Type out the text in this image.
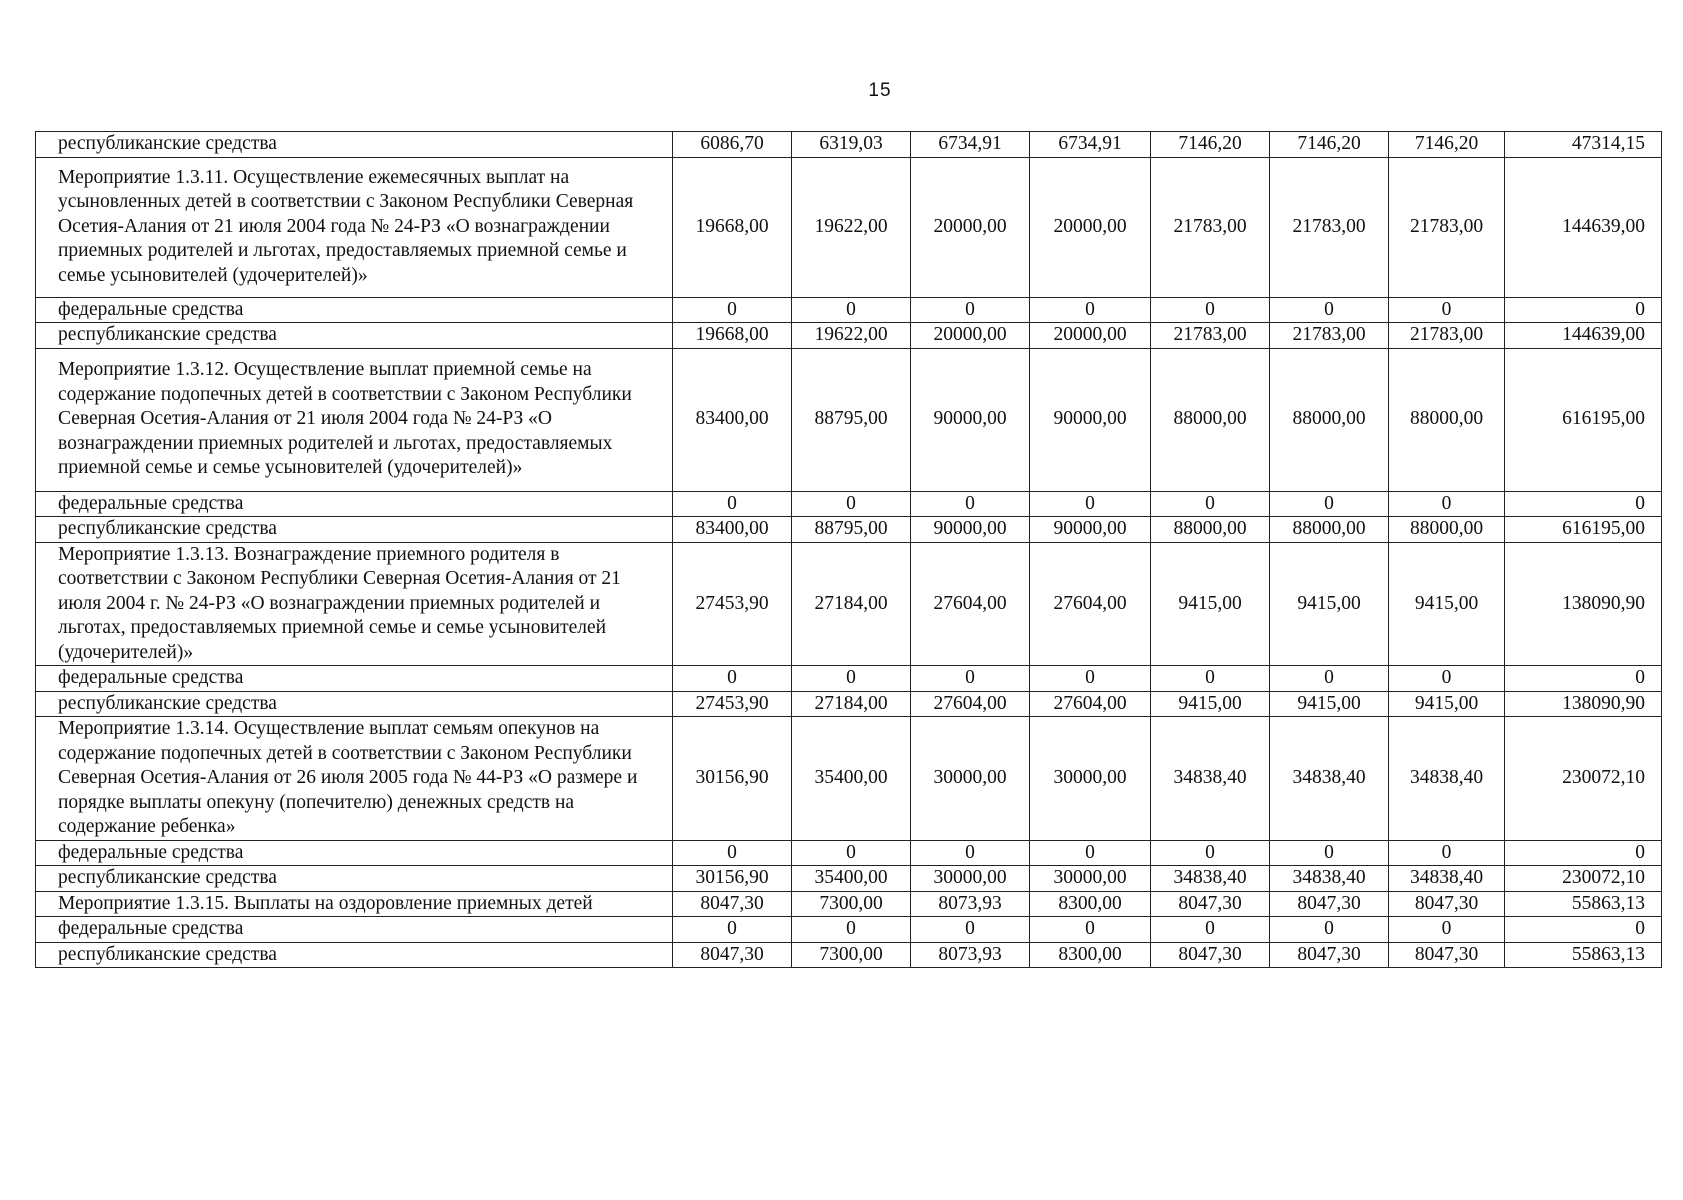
15
республиканские средства	6086,70	6319,03	6734,91	6734,91	7146,20	7146,20	7146,20	47314,15
Мероприятие 1.3.11. Осуществление ежемесячных выплат на усыновленных детей в соответствии с Законом Республики Северная Осетия-Алания от 21 июля 2004 года № 24-РЗ «О вознаграждении приемных родителей и льготах, предоставляемых приемной семье и семье усыновителей (удочерителей)»	19668,00	19622,00	20000,00	20000,00	21783,00	21783,00	21783,00	144639,00
федеральные средства	0	0	0	0	0	0	0	0
республиканские средства	19668,00	19622,00	20000,00	20000,00	21783,00	21783,00	21783,00	144639,00
Мероприятие 1.3.12. Осуществление выплат приемной семье на содержание подопечных детей в соответствии с Законом Республики Северная Осетия-Алания от 21 июля 2004 года № 24-РЗ «О вознаграждении приемных родителей и льготах, предоставляемых приемной семье и семье усыновителей (удочерителей)»	83400,00	88795,00	90000,00	90000,00	88000,00	88000,00	88000,00	616195,00
федеральные средства	0	0	0	0	0	0	0	0
республиканские средства	83400,00	88795,00	90000,00	90000,00	88000,00	88000,00	88000,00	616195,00
Мероприятие 1.3.13. Вознаграждение приемного родителя в соответствии с Законом Республики Северная Осетия-Алания от 21 июля 2004 г. № 24-РЗ «О вознаграждении приемных родителей и льготах, предоставляемых приемной семье и семье усыновителей (удочерителей)»	27453,90	27184,00	27604,00	27604,00	9415,00	9415,00	9415,00	138090,90
федеральные средства	0	0	0	0	0	0	0	0
республиканские средства	27453,90	27184,00	27604,00	27604,00	9415,00	9415,00	9415,00	138090,90
Мероприятие 1.3.14. Осуществление выплат семьям опекунов на содержание подопечных детей в соответствии с Законом Республики Северная Осетия-Алания от 26 июля 2005 года № 44-РЗ «О размере и порядке выплаты опекуну (попечителю) денежных средств на содержание ребенка»	30156,90	35400,00	30000,00	30000,00	34838,40	34838,40	34838,40	230072,10
федеральные средства	0	0	0	0	0	0	0	0
республиканские средства	30156,90	35400,00	30000,00	30000,00	34838,40	34838,40	34838,40	230072,10
Мероприятие 1.3.15. Выплаты на оздоровление приемных детей	8047,30	7300,00	8073,93	8300,00	8047,30	8047,30	8047,30	55863,13
федеральные средства	0	0	0	0	0	0	0	0
республиканские средства	8047,30	7300,00	8073,93	8300,00	8047,30	8047,30	8047,30	55863,13
